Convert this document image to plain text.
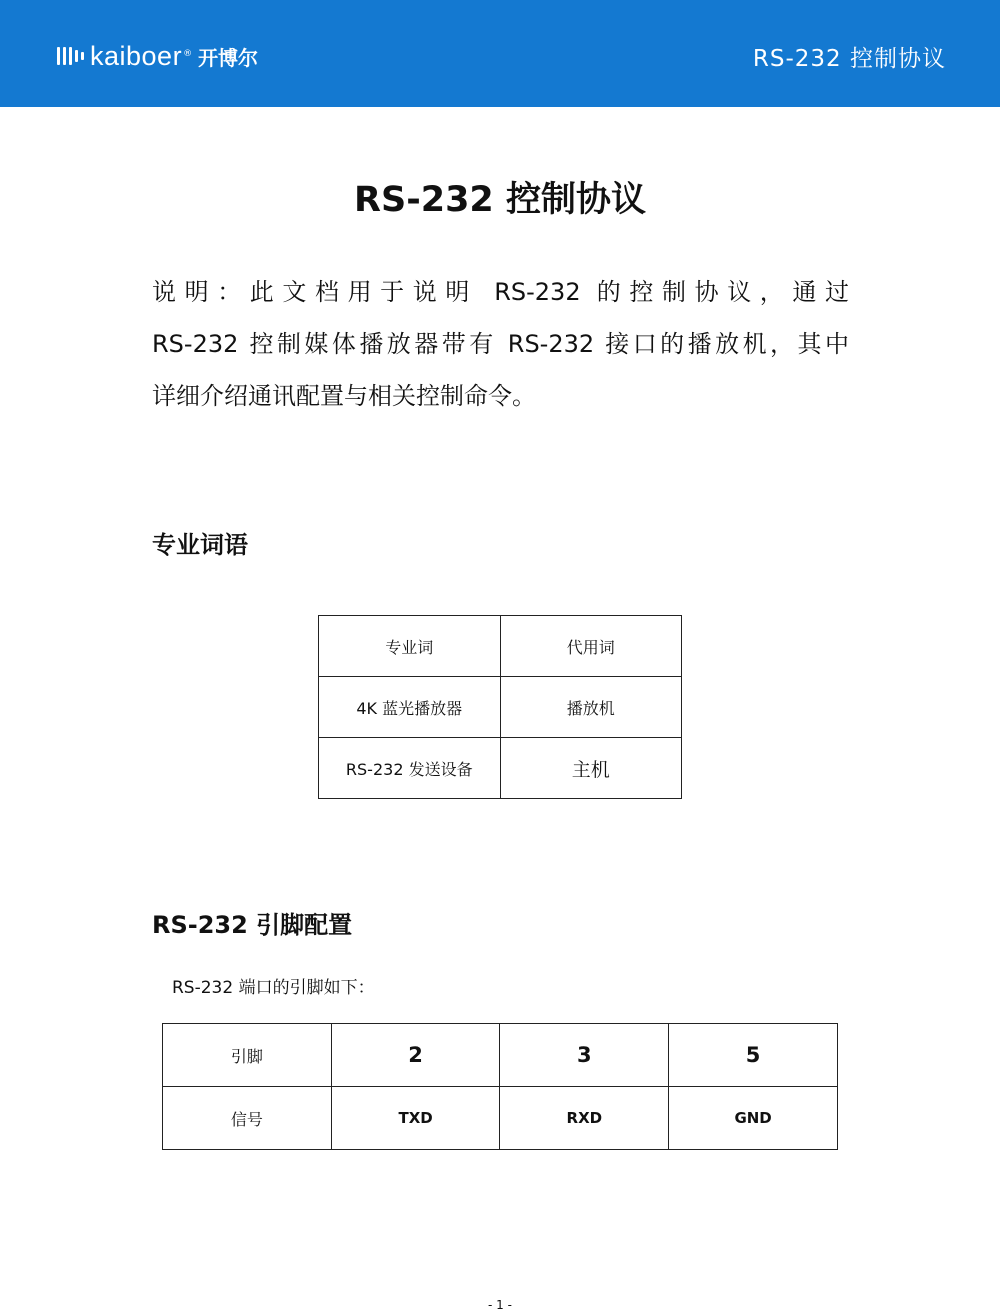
kaiboer ® 开博尔	RS-232 控制协议
RS-232 控制协议

说明：此文档用于说明 RS-232 的控制协议，通过
RS-232 控制媒体播放器带有 RS-232 接口的播放机，其中
详细介绍通讯配置与相关控制命令。

专业词语
专业词	代用词
4K 蓝光播放器	播放机
RS-232 发送设备	主机
RS-232 引脚配置

RS-232 端口的引脚如下：

引脚	2	3	5
信号	TXD	RXD	GND
- 1 -
